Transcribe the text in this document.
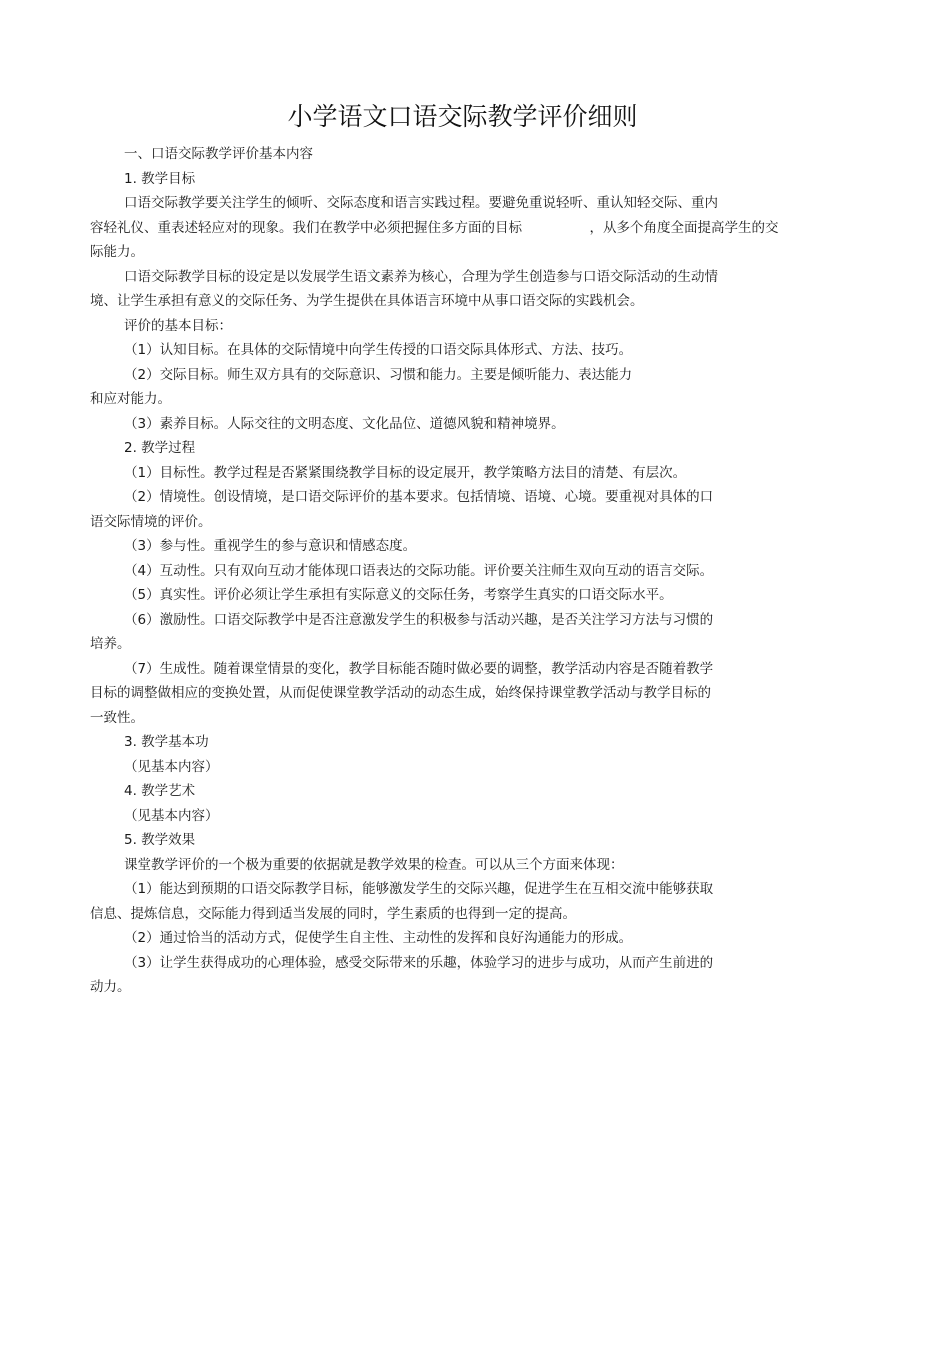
小学语文口语交际教学评价细则
一、口语交际教学评价基本内容
1. 教学目标
口语交际教学要关注学生的倾听、交际态度和语言实践过程。要避免重说轻听、重认知轻交际、重内
容轻礼仪、重表述轻应对的现象。我们在教学中必须把握住多方面的目标　　　　　，从多个角度全面提高学生的交
际能力。
口语交际教学目标的设定是以发展学生语文素养为核心，合理为学生创造参与口语交际活动的生动情
境、让学生承担有意义的交际任务、为学生提供在具体语言环境中从事口语交际的实践机会。
评价的基本目标：
（1）认知目标。在具体的交际情境中向学生传授的口语交际具体形式、方法、技巧。
（2）交际目标。师生双方具有的交际意识、习惯和能力。主要是倾听能力、表达能力
和应对能力。
（3）素养目标。人际交往的文明态度、文化品位、道德风貌和精神境界。
2. 教学过程
（1）目标性。教学过程是否紧紧围绕教学目标的设定展开，教学策略方法目的清楚、有层次。
（2）情境性。创设情境，是口语交际评价的基本要求。包括情境、语境、心境。要重视对具体的口
语交际情境的评价。
（3）参与性。重视学生的参与意识和情感态度。
（4）互动性。只有双向互动才能体现口语表达的交际功能。评价要关注师生双向互动的语言交际。
（5）真实性。评价必须让学生承担有实际意义的交际任务，考察学生真实的口语交际水平。
（6）激励性。口语交际教学中是否注意激发学生的积极参与活动兴趣，是否关注学习方法与习惯的
培养。
（7）生成性。随着课堂情景的变化，教学目标能否随时做必要的调整，教学活动内容是否随着教学
目标的调整做相应的变换处置，从而促使课堂教学活动的动态生成，始终保持课堂教学活动与教学目标的
一致性。
3. 教学基本功
（见基本内容）
4. 教学艺术
（见基本内容）
5. 教学效果
课堂教学评价的一个极为重要的依据就是教学效果的检查。可以从三个方面来体现：
（1）能达到预期的口语交际教学目标，能够激发学生的交际兴趣，促进学生在互相交流中能够获取
信息、提炼信息，交际能力得到适当发展的同时，学生素质的也得到一定的提高。
（2）通过恰当的活动方式，促使学生自主性、主动性的发挥和良好沟通能力的形成。
（3）让学生获得成功的心理体验，感受交际带来的乐趣，体验学习的进步与成功，从而产生前进的
动力。
